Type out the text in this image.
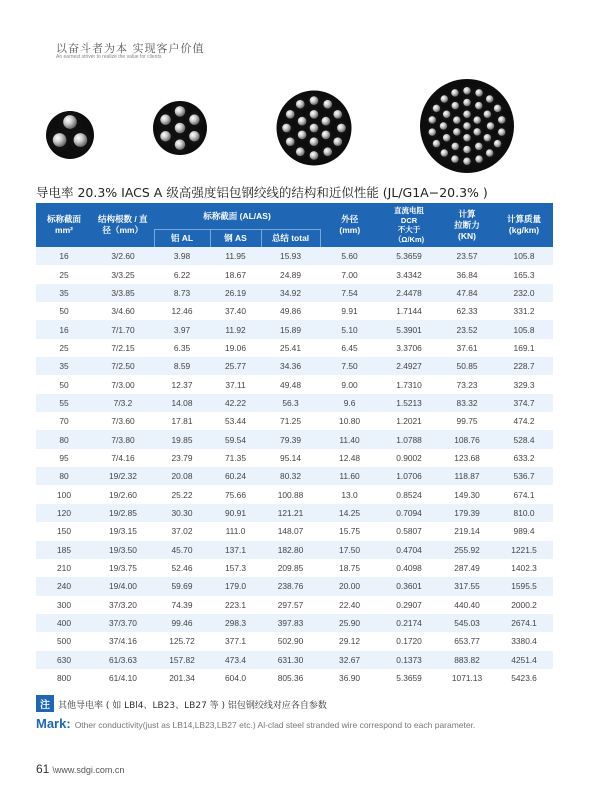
以奋斗者为本 实现客户价值
An earnest striver to realize the value for clients
导电率 20.3% IACS A 级高强度铝包钢绞线的结构和近似性能 (JL/G1A−20.3% )
标称截面
mm²	结构根数 / 直
径（mm）	标称截面 (AL/AS)			外径
(mm)	直流电阻
DCR
不大于
（Ω/Km)	计算
拉断力
(KN)	计算质量
(kg/km)
		铝 AL	钢 AS	总结 total				
16	3/2.60	3.98	11.95	15.93	5.60	5.3659	23.57	105.8
25	3/3.25	6.22	18.67	24.89	7.00	3.4342	36.84	165.3
35	3/3.85	8.73	26.19	34.92	7.54	2.4478	47.84	232.0
50	3/4.60	12.46	37.40	49.86	9.91	1.7144	62.33	331.2
16	7/1.70	3.97	11.92	15.89	5.10	5.3901	23.52	105.8
25	7/2.15	6.35	19.06	25.41	6.45	3.3706	37.61	169.1
35	7/2.50	8.59	25.77	34.36	7.50	2.4927	50.85	228.7
50	7/3.00	12.37	37.11	49.48	9.00	1.7310	73.23	329.3
55	7/3.2	14.08	42.22	56.3	9.6	1.5213	83.32	374.7
70	7/3.60	17.81	53.44	71.25	10.80	1.2021	99.75	474.2
80	7/3.80	19.85	59.54	79.39	11.40	1.0788	108.76	528.4
95	7/4.16	23.79	71.35	95.14	12.48	0.9002	123.68	633.2
80	19/2.32	20.08	60.24	80.32	11.60	1.0706	118.87	536.7
100	19/2.60	25.22	75.66	100.88	13.0	0.8524	149.30	674.1
120	19/2.85	30.30	90.91	121.21	14.25	0.7094	179.39	810.0
150	19/3.15	37.02	111.0	148.07	15.75	0.5807	219.14	989.4
185	19/3.50	45.70	137.1	182.80	17.50	0.4704	255.92	1221.5
210	19/3.75	52.46	157.3	209.85	18.75	0.4098	287.49	1402.3
240	19/4.00	59.69	179.0	238.76	20.00	0.3601	317.55	1595.5
300	37/3.20	74.39	223.1	297.57	22.40	0.2907	440.40	2000.2
400	37/3.70	99.46	298.3	397.83	25.90	0.2174	545.03	2674.1
500	37/4.16	125.72	377.1	502.90	29.12	0.1720	653.77	3380.4
630	61/3.63	157.82	473.4	631.30	32.67	0.1373	883.82	4251.4
800	61/4.10	201.34	604.0	805.36	36.90	5.3659	1071.13	5423.6
注 其他导电率 ( 如 LBl4、LB23、LB27 等 ) 铝包钢绞线对应各自参数
Mark: Other conductivity(just as LB14,LB23,LB27 etc.) Al-clad steel stranded wire correspond to each parameter.
61 \www.sdgi.com.cn
